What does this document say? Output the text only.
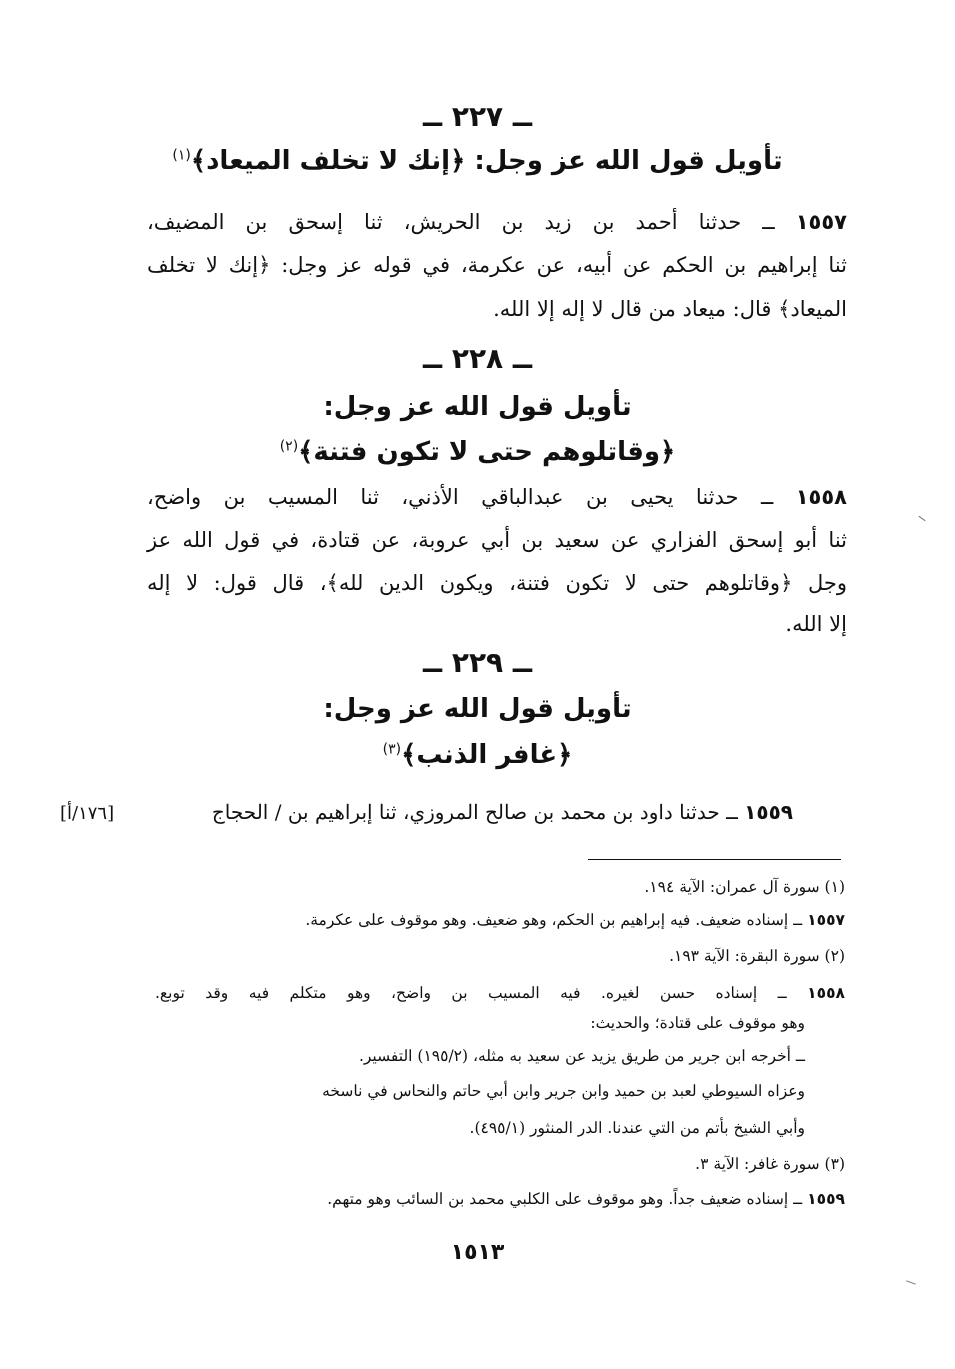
ــ ٢٢٧ ــ
تأويل قول الله عز وجل: ﴿إنك لا تخلف الميعاد﴾$^{(١)}$
١٥٥٧ ــ حدثنا أحمد بن زيد بن الحريش، ثنا إسحق بن المضيف،
ثنا إبراهيم بن الحكم عن أبيه، عن عكرمة، في قوله عز وجل: ﴿إنك لا تخلف
الميعاد﴾ قال: ميعاد من قال لا إله إلا الله.
ــ ٢٢٨ ــ
تأويل قول الله عز وجل:
﴿وقاتلوهم حتى لا تكون فتنة﴾$^{(٢)}$
١٥٥٨ ــ حدثنا يحيى بن عبدالباقي الأذني، ثنا المسيب بن واضح،
ثنا أبو إسحق الفزاري عن سعيد بن أبي عروبة، عن قتادة، في قول الله عز
وجل ﴿وقاتلوهم حتى لا تكون فتنة، ويكون الدين لله﴾، قال قول: لا إله
إلا الله.
ــ ٢٢٩ ــ
تأويل قول الله عز وجل:
﴿غافر الذنب﴾$^{(٣)}$
١٥٥٩ ــ حدثنا داود بن محمد بن صالح المروزي، ثنا إبراهيم بن / الحجاج
[١٧٦/أ]
(١) سورة آل عمران: الآية ١٩٤.
١٥٥٧ ــ إسناده ضعيف. فيه إبراهيم بن الحكم، وهو ضعيف. وهو موقوف على عكرمة.
(٢) سورة البقرة: الآية ١٩٣.
١٥٥٨ ــ إسناده حسن لغيره. فيه المسيب بن واضح، وهو متكلم فيه وقد توبع.
وهو موقوف على قتادة؛ والحديث:
ــ أخرجه ابن جرير من طريق يزيد عن سعيد به مثله، (١٩٥/٢) التفسير.
وعزاه السيوطي لعبد بن حميد وابن جرير وابن أبي حاتم والنحاس في ناسخه
وأبي الشيخ بأتم من التي عندنا. الدر المنثور (٤٩٥/١).
(٣) سورة غافر: الآية ٣.
١٥٥٩ ــ إسناده ضعيف جداً. وهو موقوف على الكلبي محمد بن السائب وهو متهم.
١٥١٣
